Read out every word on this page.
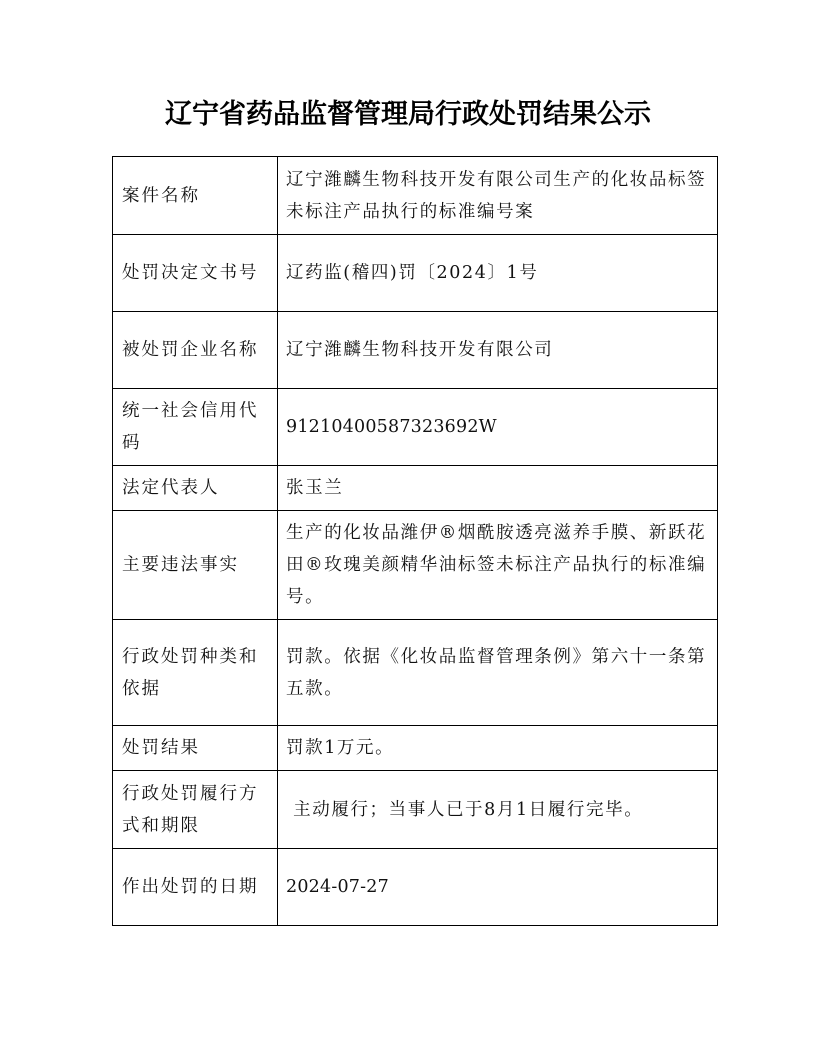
辽宁省药品监督管理局行政处罚结果公示
案件名称	辽宁潍麟生物科技开发有限公司生产的化妆品标签未标注产品执行的标准编号案
处罚决定文书号	辽药监(稽四)罚〔2024〕1号
被处罚企业名称	辽宁潍麟生物科技开发有限公司
统一社会信用代码	91210400587323692W
法定代表人	张玉兰
主要违法事实	生产的化妆品潍伊®烟酰胺透亮滋养手膜、新跃花田®玫瑰美颜精华油标签未标注产品执行的标准编号。
行政处罚种类和依据	罚款。依据《化妆品监督管理条例》第六十一条第五款。
处罚结果	罚款1万元。
行政处罚履行方式和期限	主动履行；当事人已于8月1日履行完毕。
作出处罚的日期	2024-07-27
